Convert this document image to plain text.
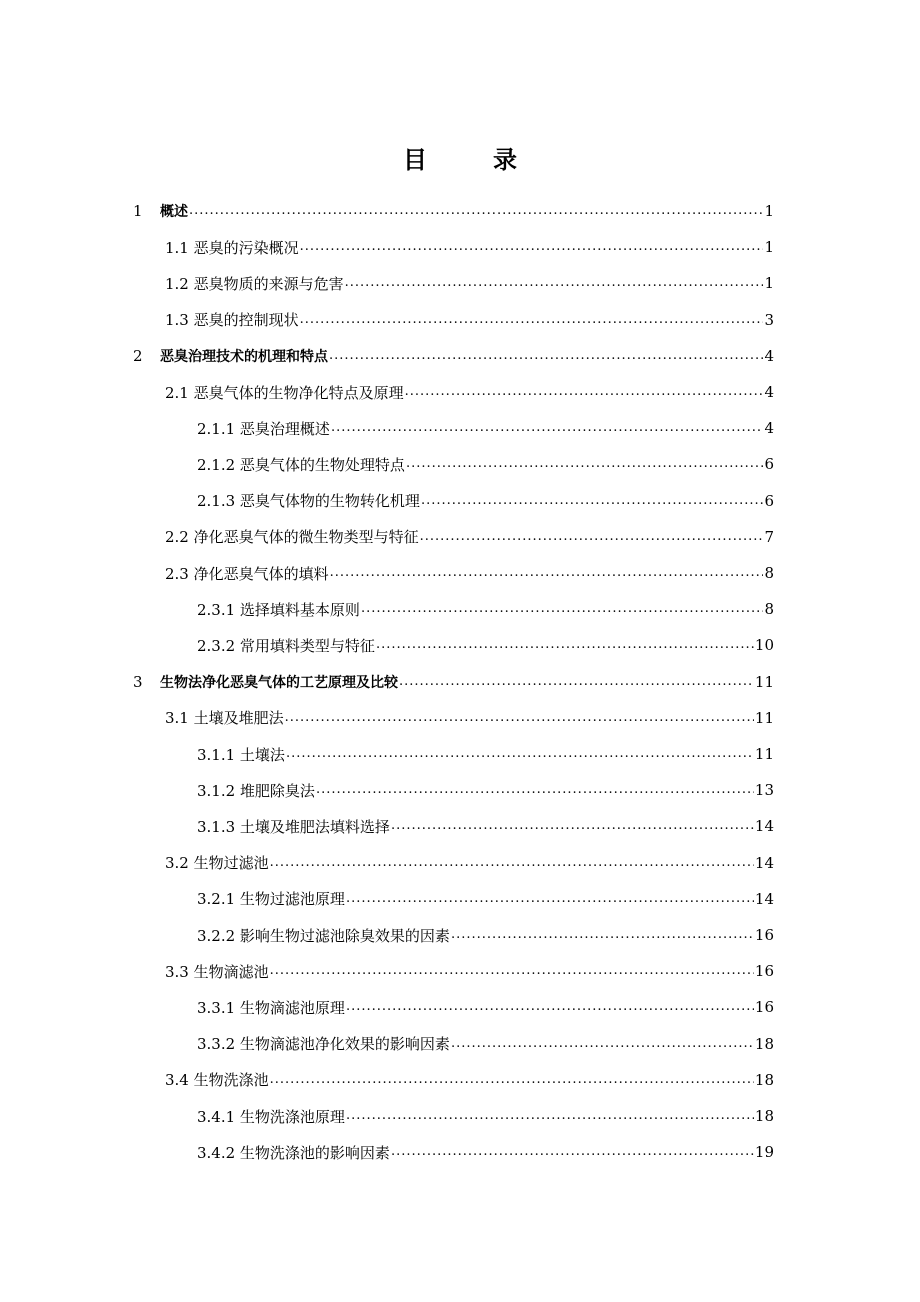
目	录
1	概述 .....	1
1.1 恶臭的污染概况 .....	1
1.2 恶臭物质的来源与危害 .....	1
1.3 恶臭的控制现状 .....	3
2	恶臭治理技术的机理和特点 .....	4
2.1 恶臭气体的生物净化特点及原理 .....	4
2.1.1 恶臭治理概述 .....	4
2.1.2 恶臭气体的生物处理特点 .....	6
2.1.3 恶臭气体物的生物转化机理 .....	6
2.2 净化恶臭气体的微生物类型与特征 .....	7
2.3 净化恶臭气体的填料 .....	8
2.3.1 选择填料基本原则 .....	8
2.3.2 常用填料类型与特征 .....	10
3	生物法净化恶臭气体的工艺原理及比较 .....	11
3.1 土壤及堆肥法 .....	11
3.1.1 土壤法 .....	11
3.1.2 堆肥除臭法 .....	13
3.1.3 土壤及堆肥法填料选择 .....	14
3.2 生物过滤池 .....	14
3.2.1 生物过滤池原理 .....	14
3.2.2 影响生物过滤池除臭效果的因素 .....	16
3.3 生物滴滤池 .....	16
3.3.1 生物滴滤池原理 .....	16
3.3.2 生物滴滤池净化效果的影响因素 .....	18
3.4 生物洗涤池 .....	18
3.4.1 生物洗涤池原理 .....	18
3.4.2 生物洗涤池的影响因素 .....	19
